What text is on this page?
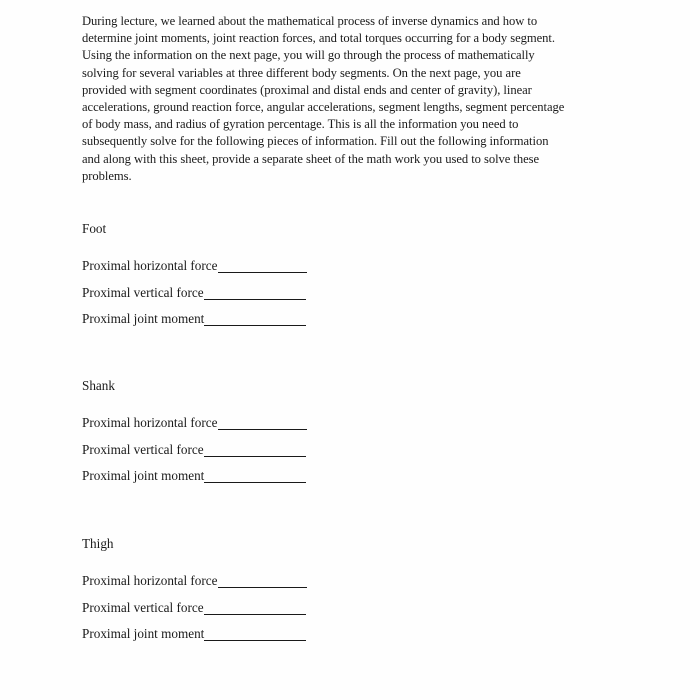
During lecture, we learned about the mathematical process of inverse dynamics and how to
determine joint moments, joint reaction forces, and total torques occurring for a body segment.
Using the information on the next page, you will go through the process of mathematically
solving for several variables at three different body segments. On the next page, you are
provided with segment coordinates (proximal and distal ends and center of gravity), linear
accelerations, ground reaction force, angular accelerations, segment lengths, segment percentage
of body mass, and radius of gyration percentage. This is all the information you need to
subsequently solve for the following pieces of information. Fill out the following information
and along with this sheet, provide a separate sheet of the math work you used to solve these
problems.
Foot
Proximal horizontal force
Proximal vertical force
Proximal joint moment
Shank
Proximal horizontal force
Proximal vertical force
Proximal joint moment
Thigh
Proximal horizontal force
Proximal vertical force
Proximal joint moment
